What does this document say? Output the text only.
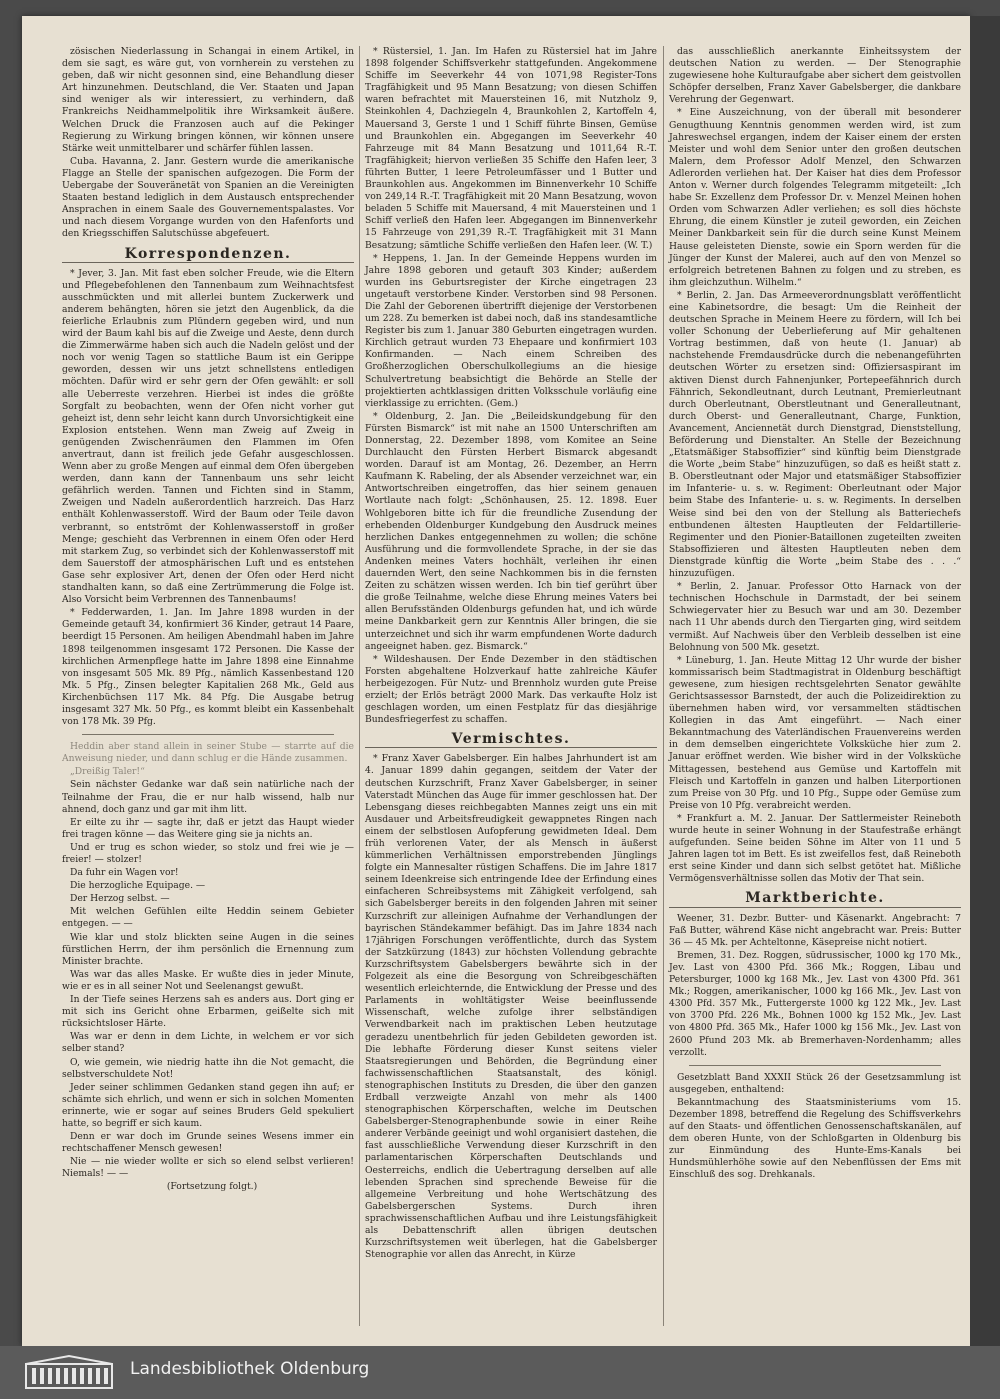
zösischen Niederlassung in Schangai in einem Artikel, in dem sie sagt, es wäre gut, von vornherein zu verstehen zu geben, daß wir nicht gesonnen sind, eine Behandlung dieser Art hinzunehmen. Deutschland, die Ver. Staaten und Japan sind weniger als wir interessiert, zu verhindern, daß Frankreichs Neidhammelpolitik ihre Wirksamkeit äußere. Welchen Druck die Franzosen auch auf die Pekinger Regierung zu Wirkung bringen können, wir können unsere Stärke weit unmittelbarer und schärfer fühlen lassen.

Cuba. Havanna, 2. Janr. Gestern wurde die amerikanische Flagge an Stelle der spanischen aufgezogen. Die Form der Uebergabe der Souveränetät von Spanien an die Vereinigten Staaten bestand lediglich in dem Austausch entsprechender Ansprachen in einem Saale des Gouvernementspalastes. Vor und nach diesem Vorgange wurden von den Hafenforts und den Kriegsschiffen Salutschüsse abgefeuert.

Korrespondenzen.

* Jever, 3. Jan. Mit fast eben solcher Freude, wie die Eltern und Pflegebefohlenen den Tannenbaum zum Weihnachtsfest ausschmückten und mit allerlei buntem Zuckerwerk und anderem behängten, hören sie jetzt den Augenblick, da die feierliche Erlaubnis zum Plündern gegeben wird, und nun wird der Baum kahl bis auf die Zweige und Aeste, denn durch die Zimmerwärme haben sich auch die Nadeln gelöst und der noch vor wenig Tagen so stattliche Baum ist ein Gerippe geworden, dessen wir uns jetzt schnellstens entledigen möchten. Dafür wird er sehr gern der Ofen gewählt: er soll alle Ueberreste verzehren. Hierbei ist indes die größte Sorgfalt zu beobachten, wenn der Ofen nicht vorher gut geheizt ist, denn sehr leicht kann durch Unvorsichtigkeit eine Explosion entstehen. Wenn man Zweig auf Zweig in genügenden Zwischenräumen den Flammen im Ofen anvertraut, dann ist freilich jede Gefahr ausgeschlossen. Wenn aber zu große Mengen auf einmal dem Ofen übergeben werden, dann kann der Tannenbaum uns sehr leicht gefährlich werden. Tannen und Fichten sind in Stamm, Zweigen und Nadeln außerordentlich harzreich. Das Harz enthält Kohlenwasserstoff. Wird der Baum oder Teile davon verbrannt, so entströmt der Kohlenwasserstoff in großer Menge; geschieht das Verbrennen in einem Ofen oder Herd mit starkem Zug, so verbindet sich der Kohlenwasserstoff mit dem Sauerstoff der atmosphärischen Luft und es entstehen Gase sehr explosiver Art, denen der Ofen oder Herd nicht standhalten kann, so daß eine Zertrümmerung die Folge ist. Also Vorsicht beim Verbrennen des Tannenbaums!

* Fedderwarden, 1. Jan. Im Jahre 1898 wurden in der Gemeinde getauft 34, konfirmiert 36 Kinder, getraut 14 Paare, beerdigt 15 Personen. Am heiligen Abendmahl haben im Jahre 1898 teilgenommen insgesamt 172 Personen. Die Kasse der kirchlichen Armenpflege hatte im Jahre 1898 eine Einnahme von insgesamt 505 Mk. 89 Pfg., nämlich Kassenbestand 120 Mk. 5 Pfg., Zinsen belegter Kapitalien 268 Mk., Geld aus Kirchenbüchsen 117 Mk. 84 Pfg. Die Ausgabe betrug insgesamt 327 Mk. 50 Pfg., es kommt bleibt ein Kassenbehalt von 178 Mk. 39 Pfg.

Heddin aber stand allein in seiner Stube — starrte auf die Anweisung nieder, und dann schlug er die Hände zusammen.

„Dreißig Taler!“

Sein nächster Gedanke war daß sein natürliche nach der Teilnahme der Frau, die er nur halb wissend, halb nur ahnend, doch ganz und gar mit ihm litt.

Er eilte zu ihr — sagte ihr, daß er jetzt das Haupt wieder frei tragen könne — das Weitere ging sie ja nichts an.

Und er trug es schon wieder, so stolz und frei wie je — freier! — stolzer!

Da fuhr ein Wagen vor!

Die herzogliche Equipage. —

Der Herzog selbst. —

Mit welchen Gefühlen eilte Heddin seinem Gebieter entgegen. — —

Wie klar und stolz blickten seine Augen in die seines fürstlichen Herrn, der ihm persönlich die Ernennung zum Minister brachte.

Was war das alles Maske. Er wußte dies in jeder Minute, wie er es in all seiner Not und Seelenangst gewußt.

In der Tiefe seines Herzens sah es anders aus. Dort ging er mit sich ins Gericht ohne Erbarmen, geißelte sich mit rücksichtsloser Härte.

Was war er denn in dem Lichte, in welchem er vor sich selber stand?

O, wie gemein, wie niedrig hatte ihn die Not gemacht, die selbstverschuldete Not!

Jeder seiner schlimmen Gedanken stand gegen ihn auf; er schämte sich ehrlich, und wenn er sich in solchen Momenten erinnerte, wie er sogar auf seines Bruders Geld spekuliert hatte, so begriff er sich kaum.

Denn er war doch im Grunde seines Wesens immer ein rechtschaffener Mensch gewesen!

Nie — nie wieder wollte er sich so elend selbst verlieren! Niemals! — —

(Fortsetzung folgt.)

* Rüstersiel, 1. Jan. Im Hafen zu Rüstersiel hat im Jahre 1898 folgender Schiffsverkehr stattgefunden. Angekommene Schiffe im Seeverkehr 44 von 1071,98 Register-Tons Tragfähigkeit und 95 Mann Besatzung; von diesen Schiffen waren befrachtet mit Mauersteinen 16, mit Nutzholz 9, Steinkohlen 4, Dachziegeln 4, Braunkohlen 2, Kartoffeln 4, Mauersand 3, Gerste 1 und 1 Schiff führte Binsen, Gemüse und Braunkohlen ein. Abgegangen im Seeverkehr 40 Fahrzeuge mit 84 Mann Besatzung und 1011,64 R.-T. Tragfähigkeit; hiervon verließen 35 Schiffe den Hafen leer, 3 führten Butter, 1 leere Petroleumfässer und 1 Butter und Braunkohlen aus. Angekommen im Binnenverkehr 10 Schiffe von 249,14 R.-T. Tragfähigkeit mit 20 Mann Besatzung, wovon beladen 5 Schiffe mit Mauersand, 4 mit Mauersteinen und 1 Schiff verließ den Hafen leer. Abgegangen im Binnenverkehr 15 Fahrzeuge von 291,39 R.-T. Tragfähigkeit mit 31 Mann Besatzung; sämtliche Schiffe verließen den Hafen leer. (W. T.)

* Heppens, 1. Jan. In der Gemeinde Heppens wurden im Jahre 1898 geboren und getauft 303 Kinder; außerdem wurden ins Geburtsregister der Kirche eingetragen 23 ungetauft verstorbene Kinder. Verstorben sind 98 Personen. Die Zahl der Geborenen übertrifft diejenige der Verstorbenen um 228. Zu bemerken ist dabei noch, daß ins standesamtliche Register bis zum 1. Januar 380 Geburten eingetragen wurden. Kirchlich getraut wurden 73 Ehepaare und konfirmiert 103 Konfirmanden. — Nach einem Schreiben des Großherzoglichen Oberschulkollegiums an die hiesige Schulvertretung beabsichtigt die Behörde an Stelle der projektierten achtklassigen dritten Volksschule vorläufig eine vierklassige zu errichten. (Gem.)

* Oldenburg, 2. Jan. Die „Beileidskundgebung für den Fürsten Bismarck“ ist mit nahe an 1500 Unterschriften am Donnerstag, 22. Dezember 1898, vom Komitee an Seine Durchlaucht den Fürsten Herbert Bismarck abgesandt worden. Darauf ist am Montag, 26. Dezember, an Herrn Kaufmann K. Rabeling, der als Absender verzeichnet war, ein Antwortschreiben eingetroffen, das hier seinem genauen Wortlaute nach folgt: „Schönhausen, 25. 12. 1898. Euer Wohlgeboren bitte ich für die freundliche Zusendung der erhebenden Oldenburger Kundgebung den Ausdruck meines herzlichen Dankes entgegennehmen zu wollen; die schöne Ausführung und die formvollendete Sprache, in der sie das Andenken meines Vaters hochhält, verleihen ihr einen dauernden Wert, den seine Nachkommen bis in die fernsten Zeiten zu schätzen wissen werden. Ich bin tief gerührt über die große Teilnahme, welche diese Ehrung meines Vaters bei allen Berufsständen Oldenburgs gefunden hat, und ich würde meine Dankbarkeit gern zur Kenntnis Aller bringen, die sie unterzeichnet und sich ihr warm empfundenen Worte dadurch angeeignet haben. gez. Bismarck.“

* Wildeshausen. Der Ende Dezember in den städtischen Forsten abgehaltene Holzverkauf hatte zahlreiche Käufer herbeigezogen. Für Nutz- und Brennholz wurden gute Preise erzielt; der Erlös beträgt 2000 Mark. Das verkaufte Holz ist geschlagen worden, um einen Festplatz für das diesjährige Bundesfriegerfest zu schaffen.

Vermischtes.

* Franz Xaver Gabelsberger. Ein halbes Jahrhundert ist am 4. Januar 1899 dahin gegangen, seitdem der Vater der deutschen Kurzschrift, Franz Xaver Gabelsberger, in seiner Vaterstadt München das Auge für immer geschlossen hat. Der Lebensgang dieses reichbegabten Mannes zeigt uns ein mit Ausdauer und Arbeitsfreudigkeit gewappnetes Ringen nach einem der selbstlosen Aufopferung gewidmeten Ideal. Dem früh verlorenen Vater, der als Mensch in äußerst kümmerlichen Verhältnissen emporstrebenden Jünglings folgte ein Mannesalter rüstigen Schaffens. Die im Jahre 1817 seinem Ideenkreise sich entringende Idee der Erfindung eines einfacheren Schreibsystems mit Zähigkeit verfolgend, sah sich Gabelsberger bereits in den folgenden Jahren mit seiner Kurzschrift zur alleinigen Aufnahme der Verhandlungen der bayrischen Ständekammer befähigt. Das im Jahre 1834 nach 17jährigen Forschungen veröffentlichte, durch das System der Satzkürzung (1843) zur höchsten Vollendung gebrachte Kurzschriftsystem Gabelsbergers bewährte sich in der Folgezeit als eine die Besorgung von Schreibgeschäften wesentlich erleichternde, die Entwicklung der Presse und des Parlaments in wohltätigster Weise beeinflussende Wissenschaft, welche zufolge ihrer selbständigen Verwendbarkeit nach im praktischen Leben heutzutage geradezu unentbehrlich für jeden Gebildeten geworden ist. Die lebhafte Förderung dieser Kunst seitens vieler Staatsregierungen und Behörden, die Begründung einer fachwissenschaftlichen Staatsanstalt, des königl. stenographischen Instituts zu Dresden, die über den ganzen Erdball verzweigte Anzahl von mehr als 1400 stenographischen Körperschaften, welche im Deutschen Gabelsberger-Stenographenbunde sowie in einer Reihe anderer Verbände geeinigt und wohl organisiert dastehen, die fast ausschließliche Verwendung dieser Kurzschrift in den parlamentarischen Körperschaften Deutschlands und Oesterreichs, endlich die Uebertragung derselben auf alle lebenden Sprachen sind sprechende Beweise für die allgemeine Verbreitung und hohe Wertschätzung des Gabelsbergerschen Systems. Durch ihren sprachwissenschaftlichen Aufbau und ihre Leistungsfähigkeit als Debattenschrift allen übrigen deutschen Kurzschriftsystemen weit überlegen, hat die Gabelsberger Stenographie vor allen das Anrecht, in Kürze

das ausschließlich anerkannte Einheitssystem der deutschen Nation zu werden. — Der Stenographie zugewiesene hohe Kulturaufgabe aber sichert dem geistvollen Schöpfer derselben, Franz Xaver Gabelsberger, die dankbare Verehrung der Gegenwart.

* Eine Auszeichnung, von der überall mit besonderer Genugthuung Kenntnis genommen werden wird, ist zum Jahreswechsel ergangen, indem der Kaiser einem der ersten Meister und wohl dem Senior unter den großen deutschen Malern, dem Professor Adolf Menzel, den Schwarzen Adlerorden verliehen hat. Der Kaiser hat dies dem Professor Anton v. Werner durch folgendes Telegramm mitgeteilt: „Ich habe Sr. Exzellenz dem Professor Dr. v. Menzel Meinen hohen Orden vom Schwarzen Adler verliehen; es soll dies höchste Ehrung, die einem Künstler je zuteil geworden, ein Zeichen Meiner Dankbarkeit sein für die durch seine Kunst Meinem Hause geleisteten Dienste, sowie ein Sporn werden für die Jünger der Kunst der Malerei, auch auf den von Menzel so erfolgreich betretenen Bahnen zu folgen und zu streben, es ihm gleichzuthun. Wilhelm.“

* Berlin, 2. Jan. Das Armeeverordnungsblatt veröffentlicht eine Kabinetsordre, die besagt: Um die Reinheit der deutschen Sprache in Meinem Heere zu fördern, will Ich bei voller Schonung der Ueberlieferung auf Mir gehaltenen Vortrag bestimmen, daß von heute (1. Januar) ab nachstehende Fremdausdrücke durch die nebenangeführten deutschen Wörter zu ersetzen sind: Offiziersaspirant im aktiven Dienst durch Fahnenjunker, Portepeefähnrich durch Fähnrich, Sekondleutnant, durch Leutnant, Premierleutnant durch Oberleutnant, Oberstleutnant und Generalleutnant, durch Oberst- und Generalleutnant, Charge, Funktion, Avancement, Anciennetät durch Dienstgrad, Dienststellung, Beförderung und Dienstalter. An Stelle der Bezeichnung „Etatsmäßiger Stabsoffizier“ sind künftig beim Dienstgrade die Worte „beim Stabe“ hinzuzufügen, so daß es heißt statt z. B. Oberstleutnant oder Major und etatsmäßiger Stabsoffizier im Infanterie- u. s. w. Regiment: Oberleutnant oder Major beim Stabe des Infanterie- u. s. w. Regiments. In derselben Weise sind bei den von der Stellung als Batteriechefs entbundenen ältesten Hauptleuten der Feldartillerie-Regimenter und den Pionier-Bataillonen zugeteilten zweiten Stabsoffizieren und ältesten Hauptleuten neben dem Dienstgrade künftig die Worte „beim Stabe des . . .“ hinzuzufügen.

* Berlin, 2. Januar. Professor Otto Harnack von der technischen Hochschule in Darmstadt, der bei seinem Schwiegervater hier zu Besuch war und am 30. Dezember nach 11 Uhr abends durch den Tiergarten ging, wird seitdem vermißt. Auf Nachweis über den Verbleib desselben ist eine Belohnung von 500 Mk. gesetzt.

* Lüneburg, 1. Jan. Heute Mittag 12 Uhr wurde der bisher kommissarisch beim Stadtmagistrat in Oldenburg beschäftigt gewesene, zum hiesigen rechtsgelehrten Senator gewählte Gerichtsassessor Barnstedt, der auch die Polizeidirektion zu übernehmen haben wird, vor versammelten städtischen Kollegien in das Amt eingeführt. — Nach einer Bekanntmachung des Vaterländischen Frauenvereins werden in dem demselben eingerichtete Volksküche hier zum 2. Januar eröffnet werden. Wie bisher wird in der Volksküche Mittagessen, bestehend aus Gemüse und Kartoffeln mit Fleisch und Kartoffeln in ganzen und halben Literportionen zum Preise von 30 Pfg. und 10 Pfg., Suppe oder Gemüse zum Preise von 10 Pfg. verabreicht werden.

* Frankfurt a. M. 2. Januar. Der Sattlermeister Reineboth wurde heute in seiner Wohnung in der Staufestraße erhängt aufgefunden. Seine beiden Söhne im Alter von 11 und 5 Jahren lagen tot im Bett. Es ist zweifellos fest, daß Reineboth erst seine Kinder und dann sich selbst getötet hat. Mißliche Vermögensverhältnisse sollen das Motiv der That sein.

Marktberichte.

Weener, 31. Dezbr. Butter- und Käsenarkt. Angebracht: 7 Faß Butter, während Käse nicht angebracht war. Preis: Butter 36 — 45 Mk. per Achteltonne, Käsepreise nicht notiert.

Bremen, 31. Dez. Roggen, südrussischer, 1000 kg 170 Mk., Jev. Last von 4300 Pfd. 366 Mk.; Roggen, Libau und Petersburger, 1000 kg 168 Mk., Jev. Last von 4300 Pfd. 361 Mk.; Roggen, amerikanischer, 1000 kg 166 Mk., Jev. Last von 4300 Pfd. 357 Mk., Futtergerste 1000 kg 122 Mk., Jev. Last von 3700 Pfd. 226 Mk., Bohnen 1000 kg 152 Mk., Jev. Last von 4800 Pfd. 365 Mk., Hafer 1000 kg 156 Mk., Jev. Last von 2600 Pfund 203 Mk. ab Bremerhaven-Nordenhamm; alles verzollt.

Gesetzblatt Band XXXII Stück 26 der Gesetzsammlung ist ausgegeben, enthaltend:

Bekanntmachung des Staatsministeriums vom 15. Dezember 1898, betreffend die Regelung des Schiffsverkehrs auf den Staats- und öffentlichen Genossenschaftskanälen, auf dem oberen Hunte, von der Schloßgarten in Oldenburg bis zur Einmündung des Hunte-Ems-Kanals bei Hundsmühlerhöhe sowie auf den Nebenflüssen der Ems mit Einschluß des sog. Drehkanals.

Landesbibliothek Oldenburg
